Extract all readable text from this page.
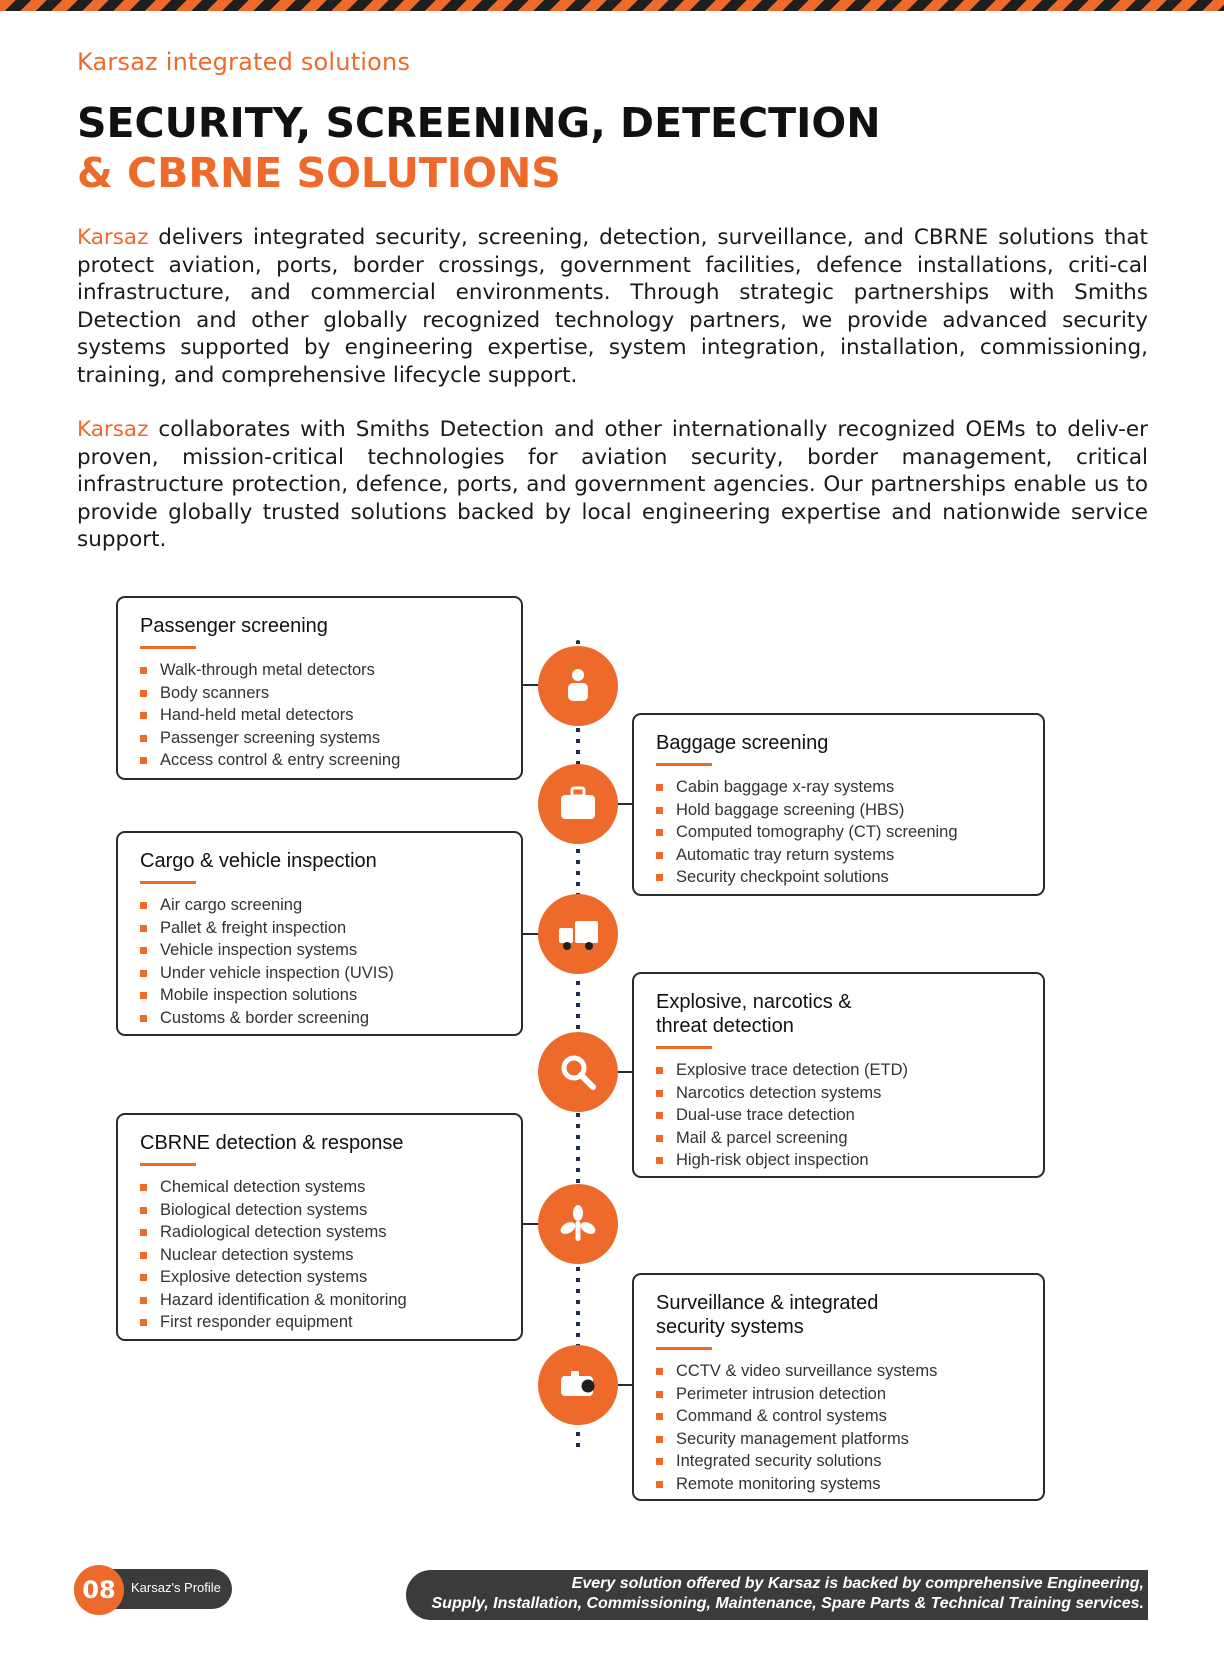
Karsaz integrated solutions
SECURITY, SCREENING, DETECTION
& CBRNE SOLUTIONS

Karsaz delivers integrated security, screening, detection, surveillance, and CBRNE solutions that protect aviation, ports, border crossings, government facilities, defence installations, criti-cal infrastructure, and commercial environments. Through strategic partnerships with Smiths Detection and other globally recognized technology partners, we provide advanced security systems supported by engineering expertise, system integration, installation, commissioning, training, and comprehensive lifecycle support.

Karsaz collaborates with Smiths Detection and other internationally recognized OEMs to deliv-er proven, mission-critical technologies for aviation security, border management, critical infrastructure protection, defence, ports, and government agencies. Our partnerships enable us to provide globally trusted solutions backed by local engineering expertise and nationwide service support.

Passenger screening
Walk-through metal detectors
Body scanners
Hand-held metal detectors
Passenger screening systems
Access control & entry screening
Baggage screening
Cabin baggage x-ray systems
Hold baggage screening (HBS)
Computed tomography (CT) screening
Automatic tray return systems
Security checkpoint solutions
Cargo & vehicle inspection
Air cargo screening
Pallet & freight inspection
Vehicle inspection systems
Under vehicle inspection (UVIS)
Mobile inspection solutions
Customs & border screening
Explosive, narcotics &
threat detection
Explosive trace detection (ETD)
Narcotics detection systems
Dual-use trace detection
Mail & parcel screening
High-risk object inspection
CBRNE detection & response
Chemical detection systems
Biological detection systems
Radiological detection systems
Nuclear detection systems
Explosive detection systems
Hazard identification & monitoring
First responder equipment
Surveillance & integrated
security systems
CCTV & video surveillance systems
Perimeter intrusion detection
Command & control systems
Security management platforms
Integrated security solutions
Remote monitoring systems
08	Karsaz's Profile	Every solution offered by Karsaz is backed by comprehensive Engineering,
Supply, Installation, Commissioning, Maintenance, Spare Parts & Technical Training services.
